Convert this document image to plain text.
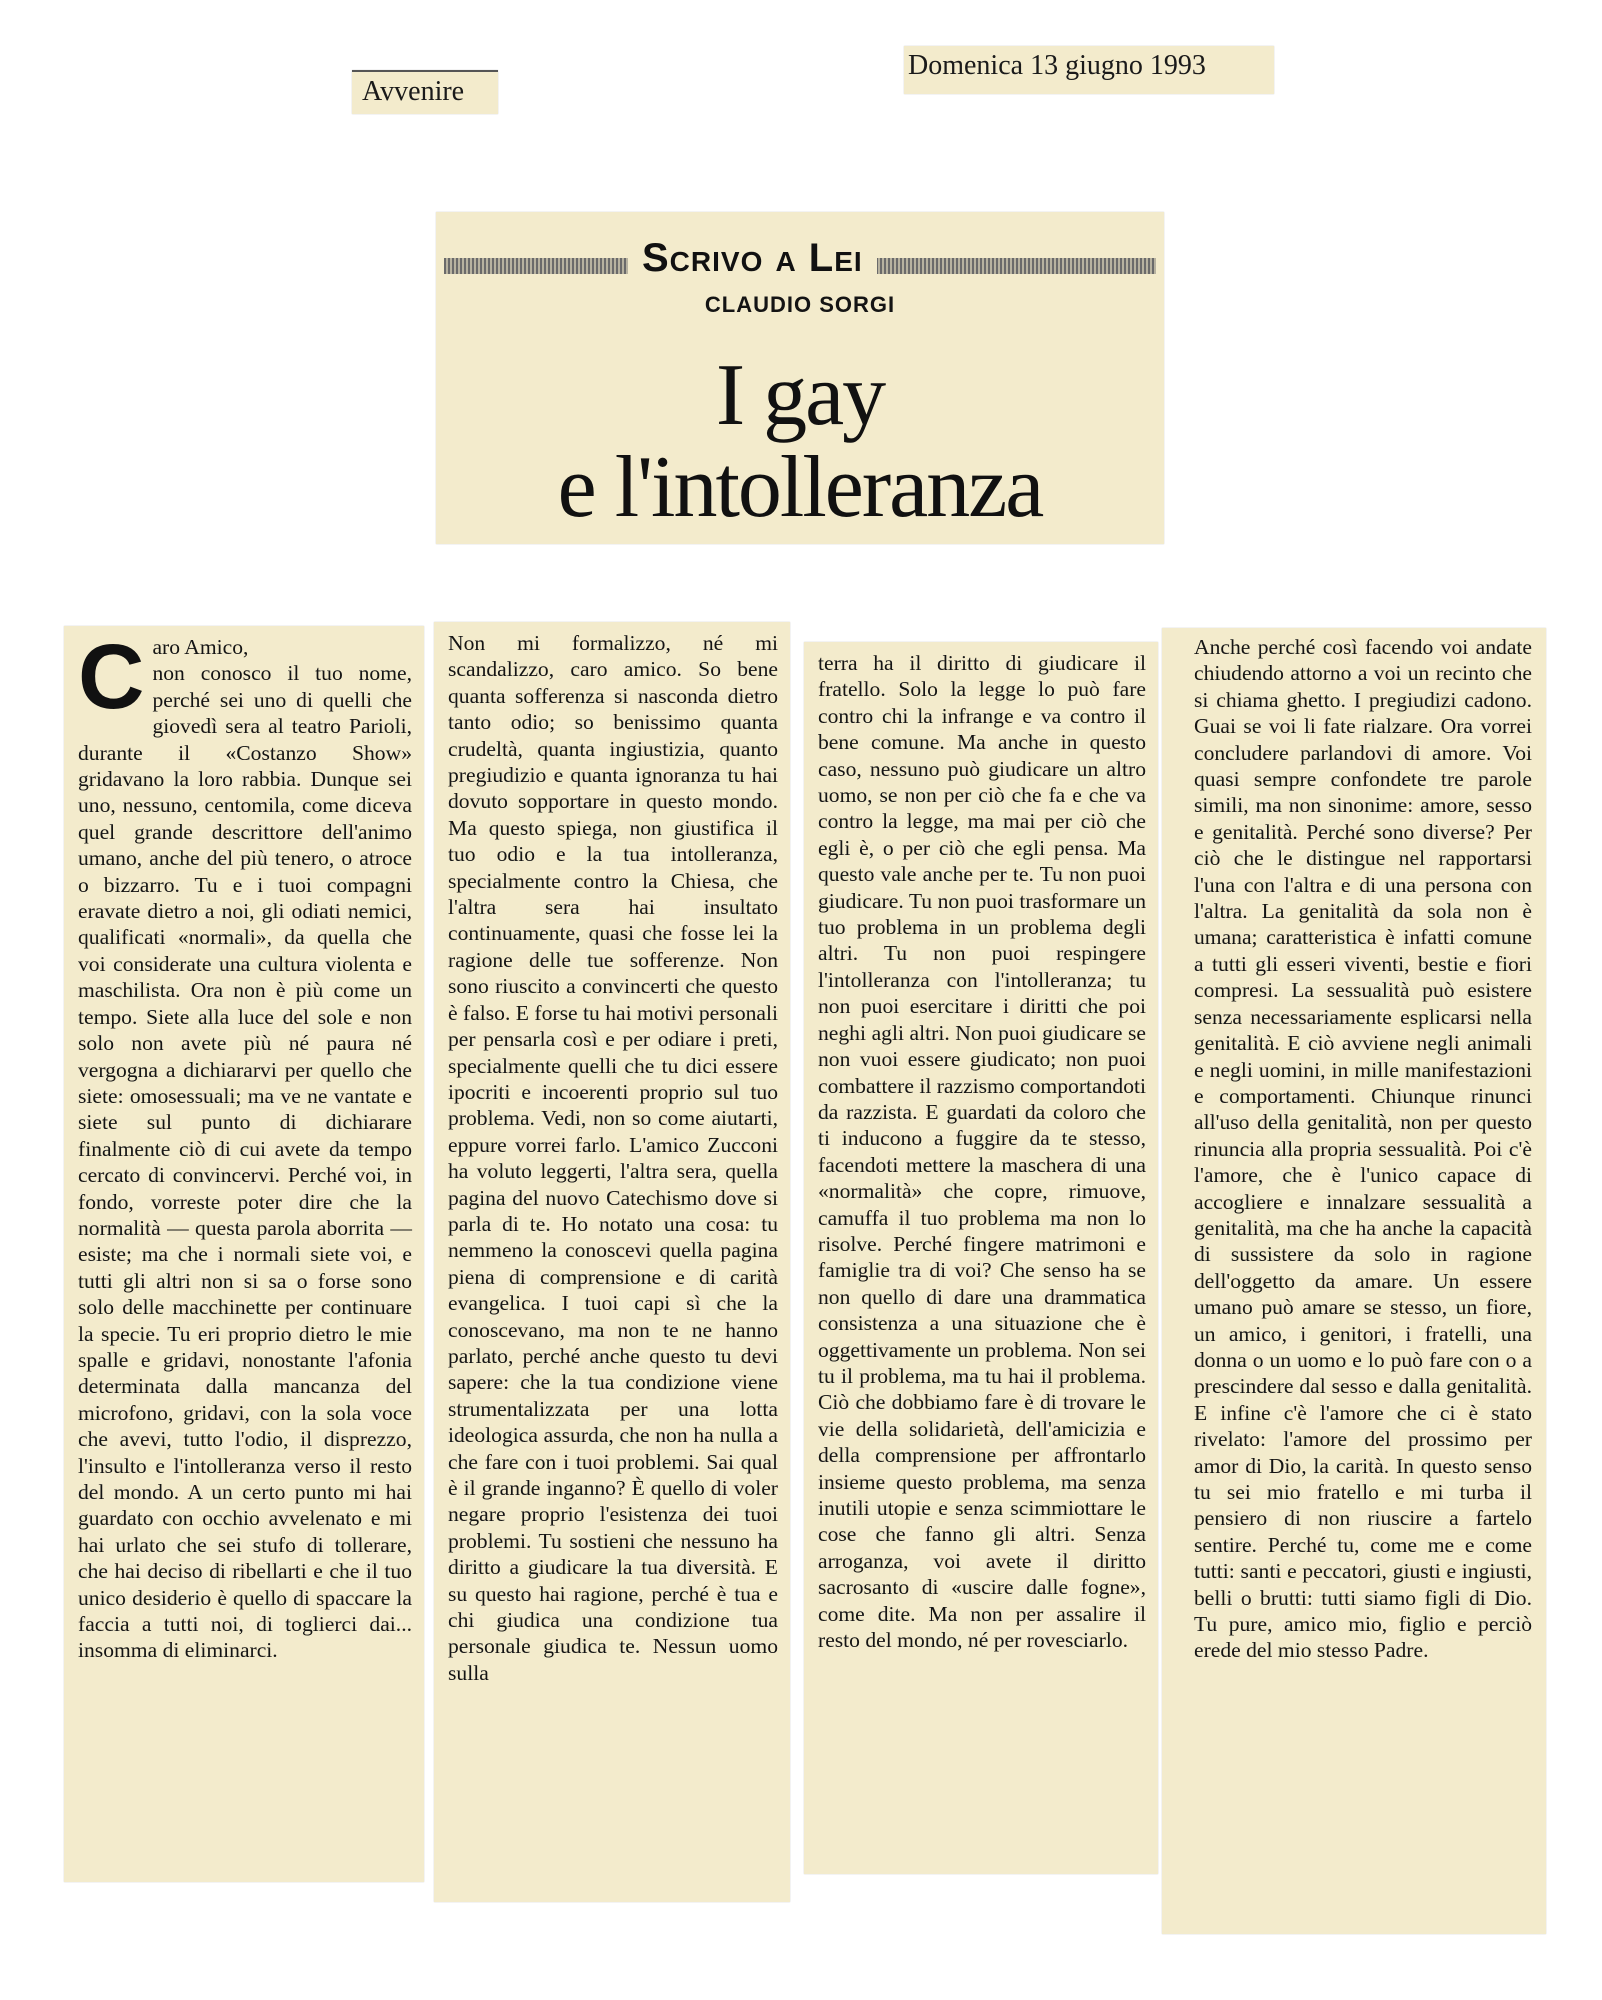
Avvenire
Domenica 13 giugno 1993
Scrivo a Lei
CLAUDIO SORGI
I gay
e l'intolleranza
C aro Amico,

non conosco il tuo nome, perché sei uno di quelli che giovedì sera al teatro Parioli, durante il «Costanzo Show» gridavano la loro rabbia. Dunque sei uno, nessuno, centomila, come diceva quel grande descrittore dell'animo umano, anche del più tenero, o atroce o bizzarro. Tu e i tuoi compagni eravate dietro a noi, gli odiati nemici, qualificati «normali», da quella che voi considerate una cultura violenta e maschilista. Ora non è più come un tempo. Siete alla luce del sole e non solo non avete più né paura né vergogna a dichiararvi per quello che siete: omosessuali; ma ve ne vantate e siete sul punto di dichiarare finalmente ciò di cui avete da tempo cercato di convincervi. Perché voi, in fondo, vorreste poter dire che la normalità — questa parola aborrita — esiste; ma che i normali siete voi, e tutti gli altri non si sa o forse sono solo delle macchinette per continuare la specie. Tu eri proprio dietro le mie spalle e gridavi, nonostante l'afonia determinata dalla mancanza del microfono, gridavi, con la sola voce che avevi, tutto l'odio, il disprezzo, l'insulto e l'intolleranza verso il resto del mondo. A un certo punto mi hai guardato con occhio avvelenato e mi hai urlato che sei stufo di tollerare, che hai deciso di ribellarti e che il tuo unico desiderio è quello di spaccare la faccia a tutti noi, di toglierci dai... insomma di eliminarci.

Non mi formalizzo, né mi scandalizzo, caro amico. So bene quanta sofferenza si nasconda dietro tanto odio; so benissimo quanta crudeltà, quanta ingiustizia, quanto pregiudizio e quanta ignoranza tu hai dovuto sopportare in questo mondo. Ma questo spiega, non giustifica il tuo odio e la tua intolleranza, specialmente contro la Chiesa, che l'altra sera hai insultato continuamente, quasi che fosse lei la ragione delle tue sofferenze. Non sono riuscito a convincerti che questo è falso. E forse tu hai motivi personali per pensarla così e per odiare i preti, specialmente quelli che tu dici essere ipocriti e incoerenti proprio sul tuo problema. Vedi, non so come aiutarti, eppure vorrei farlo. L'amico Zucconi ha voluto leggerti, l'altra sera, quella pagina del nuovo Catechismo dove si parla di te. Ho notato una cosa: tu nemmeno la conoscevi quella pagina piena di comprensione e di carità evangelica. I tuoi capi sì che la conoscevano, ma non te ne hanno parlato, perché anche questo tu devi sapere: che la tua condizione viene strumentalizzata per una lotta ideologica assurda, che non ha nulla a che fare con i tuoi problemi. Sai qual è il grande inganno? È quello di voler negare proprio l'esistenza dei tuoi problemi. Tu sostieni che nessuno ha diritto a giudicare la tua diversità. E su questo hai ragione, perché è tua e chi giudica una condizione tua personale giudica te. Nessun uomo sulla

terra ha il diritto di giudicare il fratello. Solo la legge lo può fare contro chi la infrange e va contro il bene comune. Ma anche in questo caso, nessuno può giudicare un altro uomo, se non per ciò che fa e che va contro la legge, ma mai per ciò che egli è, o per ciò che egli pensa. Ma questo vale anche per te. Tu non puoi giudicare. Tu non puoi trasformare un tuo problema in un problema degli altri. Tu non puoi respingere l'intolleranza con l'intolleranza; tu non puoi esercitare i diritti che poi neghi agli altri. Non puoi giudicare se non vuoi essere giudicato; non puoi combattere il razzismo comportandoti da razzista. E guardati da coloro che ti inducono a fuggire da te stesso, facendoti mettere la maschera di una «normalità» che copre, rimuove, camuffa il tuo problema ma non lo risolve. Perché fingere matrimoni e famiglie tra di voi? Che senso ha se non quello di dare una drammatica consistenza a una situazione che è oggettivamente un problema. Non sei tu il problema, ma tu hai il problema. Ciò che dobbiamo fare è di trovare le vie della solidarietà, dell'amicizia e della comprensione per affrontarlo insieme questo problema, ma senza inutili utopie e senza scimmiottare le cose che fanno gli altri. Senza arroganza, voi avete il diritto sacrosanto di «uscire dalle fogne», come dite. Ma non per assalire il resto del mondo, né per rovesciarlo.

Anche perché così facendo voi andate chiudendo attorno a voi un recinto che si chiama ghetto. I pregiudizi cadono. Guai se voi li fate rialzare. Ora vorrei concludere parlandovi di amore. Voi quasi sempre confondete tre parole simili, ma non sinonime: amore, sesso e genitalità. Perché sono diverse? Per ciò che le distingue nel rapportarsi l'una con l'altra e di una persona con l'altra. La genitalità da sola non è umana; caratteristica è infatti comune a tutti gli esseri viventi, bestie e fiori compresi. La sessualità può esistere senza necessariamente esplicarsi nella genitalità. E ciò avviene negli animali e negli uomini, in mille manifestazioni e comportamenti. Chiunque rinunci all'uso della genitalità, non per questo rinuncia alla propria sessualità. Poi c'è l'amore, che è l'unico capace di accogliere e innalzare sessualità a genitalità, ma che ha anche la capacità di sussistere da solo in ragione dell'oggetto da amare. Un essere umano può amare se stesso, un fiore, un amico, i genitori, i fratelli, una donna o un uomo e lo può fare con o a prescindere dal sesso e dalla genitalità. E infine c'è l'amore che ci è stato rivelato: l'amore del prossimo per amor di Dio, la carità. In questo senso tu sei mio fratello e mi turba il pensiero di non riuscire a fartelo sentire. Perché tu, come me e come tutti: santi e peccatori, giusti e ingiusti, belli o brutti: tutti siamo figli di Dio. Tu pure, amico mio, figlio e perciò erede del mio stesso Padre.
